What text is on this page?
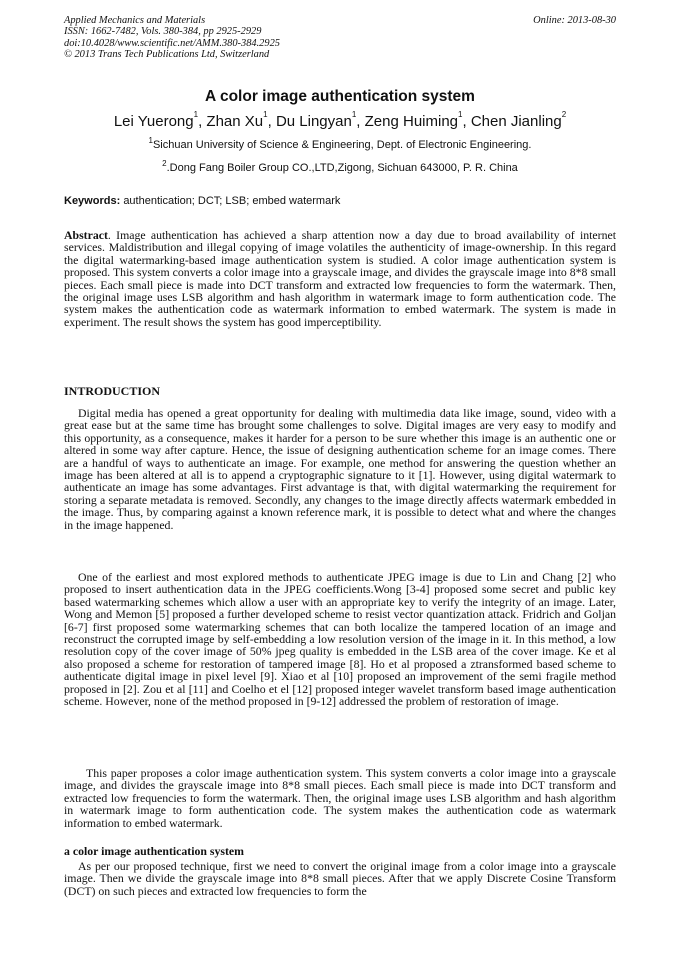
Applied Mechanics and Materials
ISSN: 1662-7482, Vols. 380-384, pp 2925-2929
doi:10.4028/www.scientific.net/AMM.380-384.2925
© 2013 Trans Tech Publications Ltd, Switzerland
Online: 2013-08-30
A color image authentication system
Lei Yuerong$^1$, Zhan Xu$^1$, Du Lingyan$^1$, Zeng Huiming$^1$, Chen Jianling$^2$
$^1$Sichuan University of Science & Engineering, Dept. of Electronic Engineering.
$^2$.Dong Fang Boiler Group CO.,LTD,Zigong, Sichuan 643000, P. R. China
Keywords: authentication; DCT; LSB; embed watermark

Abstract. Image authentication has achieved a sharp attention now a day due to broad availability of internet services. Maldistribution and illegal copying of image volatiles the authenticity of image-ownership. In this regard the digital watermarking-based image authentication system is studied. A color image authentication system is proposed. This system converts a color image into a grayscale image, and divides the grayscale image into 8*8 small pieces. Each small piece is made into DCT transform and extracted low frequencies to form the watermark. Then, the original image uses LSB algorithm and hash algorithm in watermark image to form authentication code. The system makes the authentication code as watermark information to embed watermark. The system is made in experiment. The result shows the system has good imperceptibility.

INTRODUCTION

Digital media has opened a great opportunity for dealing with multimedia data like image, sound, video with a great ease but at the same time has brought some challenges to solve. Digital images are very easy to modify and this opportunity, as a consequence, makes it harder for a person to be sure whether this image is an authentic one or altered in some way after capture. Hence, the issue of designing authentication scheme for an image comes. There are a handful of ways to authenticate an image. For example, one method for answering the question whether an image has been altered at all is to append a cryptographic signature to it [1]. However, using digital watermark to authenticate an image has some advantages. First advantage is that, with digital watermarking the requirement for storing a separate metadata is removed. Secondly, any changes to the image directly affects watermark embedded in the image. Thus, by comparing against a known reference mark, it is possible to detect what and where the changes in the image happened.

One of the earliest and most explored methods to authenticate JPEG image is due to Lin and Chang [2] who proposed to insert authentication data in the JPEG coefficients.Wong [3-4] proposed some secret and public key based watermarking schemes which allow a user with an appropriate key to verify the integrity of an image. Later, Wong and Memon [5] proposed a further developed scheme to resist vector quantization attack. Fridrich and Goljan [6-7] first proposed some watermarking schemes that can both localize the tampered location of an image and reconstruct the corrupted image by self-embedding a low resolution version of the image in it. In this method, a low resolution copy of the cover image of 50% jpeg quality is embedded in the LSB area of the cover image. Ke et al also proposed a scheme for restoration of tampered image [8]. Ho et al proposed a ztransformed based scheme to authenticate digital image in pixel level [9]. Xiao et al [10] proposed an improvement of the semi fragile method proposed in [2]. Zou et al [11] and Coelho et el [12] proposed integer wavelet transform based image authentication scheme. However, none of the method proposed in [9-12] addressed the problem of restoration of image.

This paper proposes a color image authentication system. This system converts a color image into a grayscale image, and divides the grayscale image into 8*8 small pieces. Each small piece is made into DCT transform and extracted low frequencies to form the watermark. Then, the original image uses LSB algorithm and hash algorithm in watermark image to form authentication code. The system makes the authentication code as watermark information to embed watermark.

a color image authentication system

As per our proposed technique, first we need to convert the original image from a color image into a grayscale image. Then we divide the grayscale image into 8*8 small pieces. After that we apply Discrete Cosine Transform (DCT) on such pieces and extracted low frequencies to form the
